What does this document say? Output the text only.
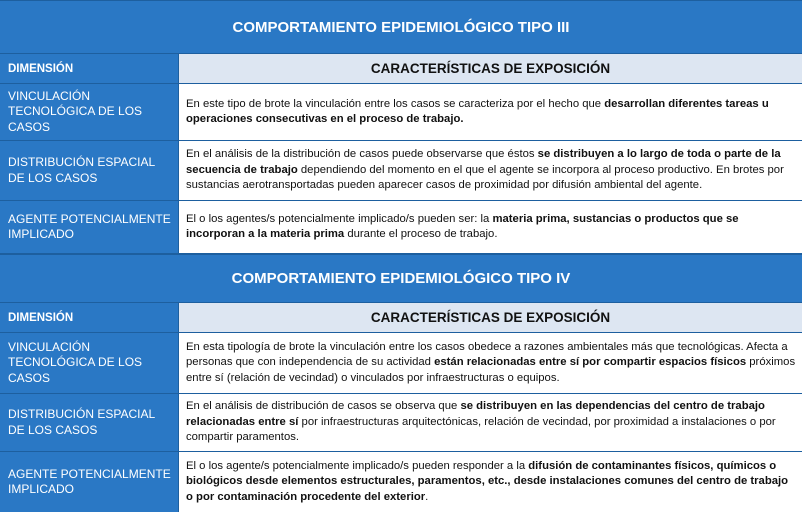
COMPORTAMIENTO EPIDEMIOLÓGICO TIPO III
DIMENSIÓN	CARACTERÍSTICAS DE EXPOSICIÓN
VINCULACIÓN TECNOLÓGICA DE LOS CASOS

En este tipo de brote la vinculación entre los casos se caracteriza por el hecho que desarrollan diferentes tareas u operaciones consecutivas en el proceso de trabajo.

DISTRIBUCIÓN ESPACIAL DE LOS CASOS

En el análisis de la distribución de casos puede observarse que éstos se distribuyen a lo largo de toda o parte de la secuencia de trabajo dependiendo del momento en el que el agente se incorpora al proceso productivo. En brotes por sustancias aerotransportadas pueden aparecer casos de proximidad por difusión ambiental del agente.

AGENTE POTENCIALMENTE IMPLICADO

El o los agentes/s potencialmente implicado/s pueden ser: la materia prima, sustancias o productos que se incorporan a la materia prima durante el proceso de trabajo.

COMPORTAMIENTO EPIDEMIOLÓGICO TIPO IV
DIMENSIÓN	CARACTERÍSTICAS DE EXPOSICIÓN
VINCULACIÓN TECNOLÓGICA DE LOS CASOS

En esta tipología de brote la vinculación entre los casos obedece a razones ambientales más que tecnológicas. Afecta a personas que con independencia de su actividad están relacionadas entre sí por compartir espacios físicos próximos entre sí (relación de vecindad) o vinculados por infraestructuras o equipos.

DISTRIBUCIÓN ESPACIAL DE LOS CASOS

En el análisis de distribución de casos se observa que se distribuyen en las dependencias del centro de trabajo relacionadas entre sí por infraestructuras arquitectónicas, relación de vecindad, por proximidad a instalaciones o por compartir paramentos.

AGENTE POTENCIALMENTE IMPLICADO

El o los agente/s potencialmente implicado/s pueden responder a la difusión de contaminantes físicos, químicos o biológicos desde elementos estructurales, paramentos, etc., desde instalaciones comunes del centro de trabajo o por contaminación procedente del exterior.
